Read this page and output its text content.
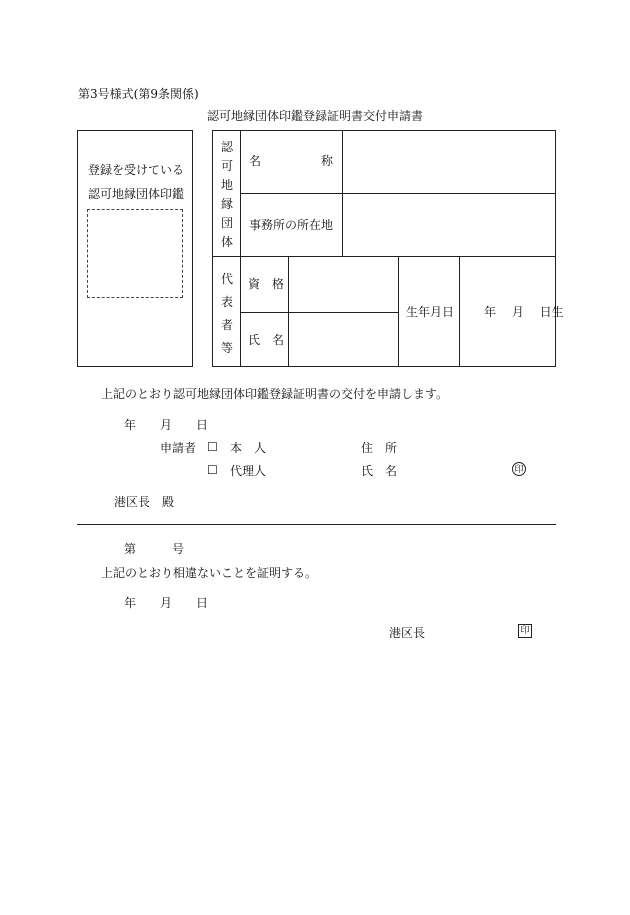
第3号様式(第9条関係)
認可地縁団体印鑑登録証明書交付申請書
登録を受けている
認可地縁団体印鑑
認可地縁団体
代表者等
名　　　　　称
事務所の所在地
資　格
氏　名
生年月日 年　 月　 日生
上記のとおり認可地縁団体印鑑登録証明書の交付を申請します。
年　　月　　日
申請者 ☐ 本　人
☐ 代理人
住　所
氏　名	印
港区長　殿
第　　　号
上記のとおり相違ないことを証明する。
年　　月　　日
港区長	印
